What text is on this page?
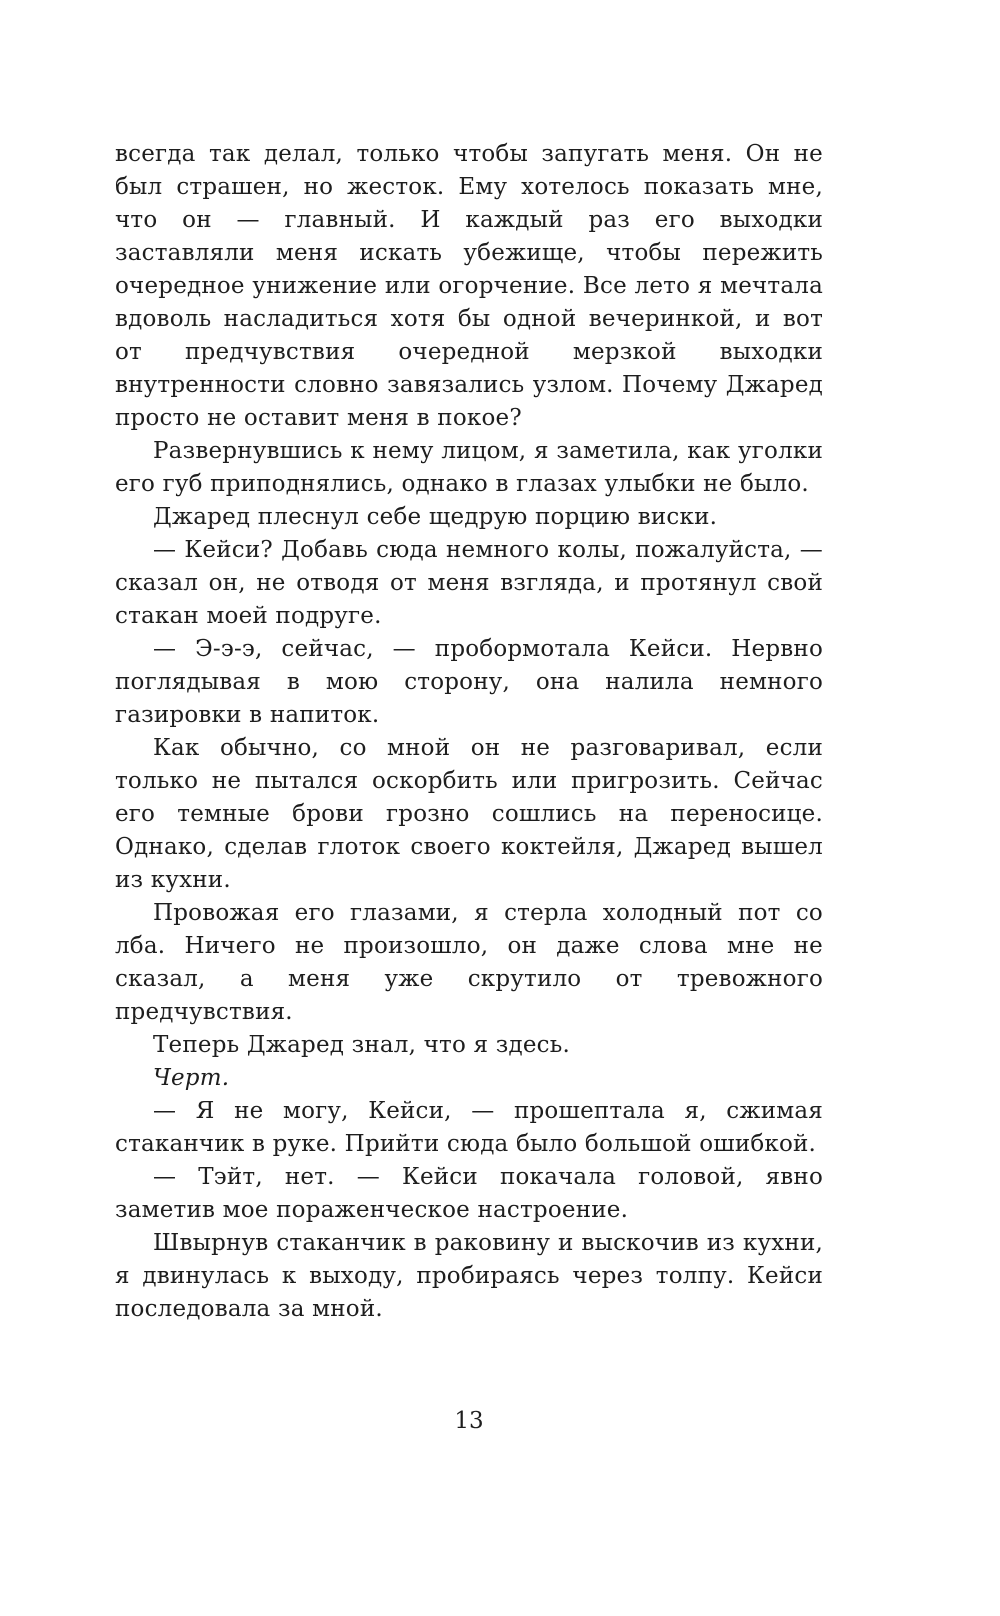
всегда так делал, только чтобы запугать меня. Он не был страшен, но жесток. Ему хотелось показать мне, что он — главный. И каждый раз его выходки заставляли меня искать убежище, чтобы пережить очередное унижение или огорчение. Все лето я мечтала вдоволь насладиться хотя бы одной вечеринкой, и вот от предчувствия очередной мерзкой выходки внутренности словно завязались узлом. Почему Джаред просто не оставит меня в покое?

Развернувшись к нему лицом, я заметила, как уголки его губ приподнялись, однако в глазах улыбки не было.

Джаред плеснул себе щедрую порцию виски.

— Кейси? Добавь сюда немного колы, пожалуйста, — сказал он, не отводя от меня взгляда, и протянул свой стакан моей подруге.

— Э-э-э, сейчас, — пробормотала Кейси. Нервно поглядывая в мою сторону, она налила немного газировки в напиток.

Как обычно, со мной он не разговаривал, если только не пытался оскорбить или пригрозить. Сейчас его темные брови грозно сошлись на переносице. Однако, сделав глоток своего коктейля, Джаред вышел из кухни.

Провожая его глазами, я стерла холодный пот со лба. Ничего не произошло, он даже слова мне не сказал, а меня уже скрутило от тревожного предчувствия.

Теперь Джаред знал, что я здесь.

Черт.

— Я не могу, Кейси, — прошептала я, сжимая стаканчик в руке. Прийти сюда было большой ошибкой.

— Тэйт, нет. — Кейси покачала головой, явно заметив мое пораженческое настроение.

Швырнув стаканчик в раковину и выскочив из кухни, я двинулась к выходу, пробираясь через толпу. Кейси последовала за мной.

13
